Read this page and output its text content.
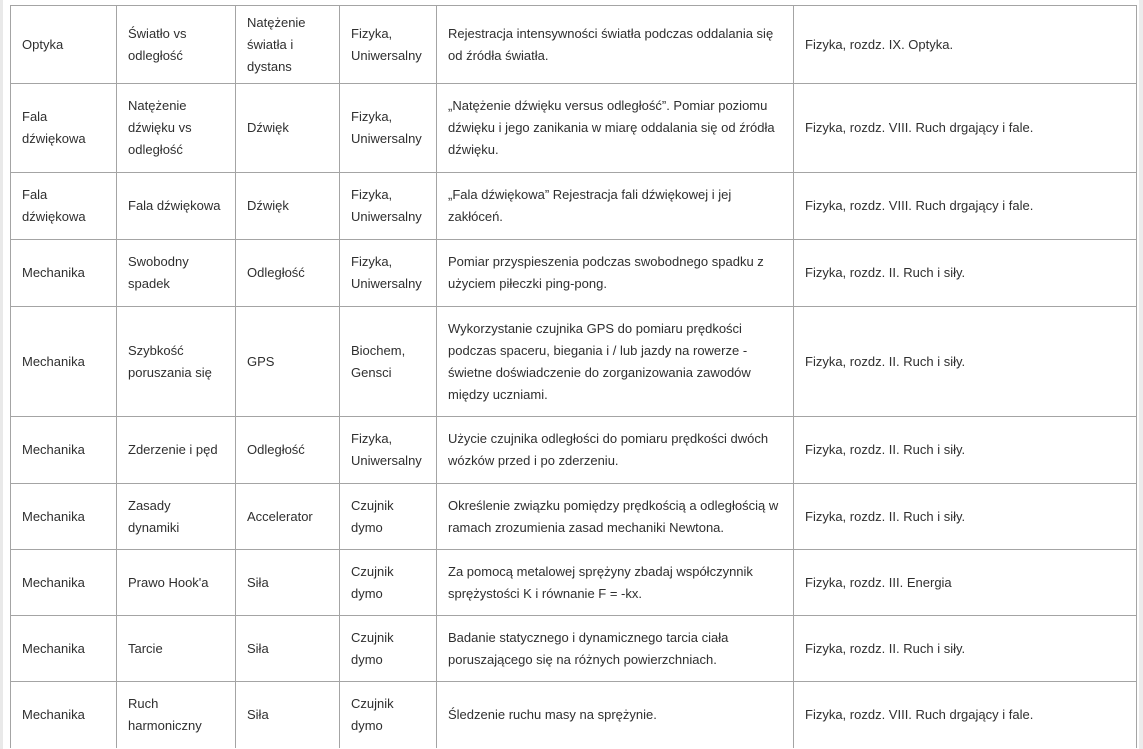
Optyka	Światło vs odległość	Natężenie światła i dystans	Fizyka, Uniwersalny	Rejestracja intensywności światła podczas oddalania się od źródła światła.	Fizyka, rozdz. IX. Optyka.
Fala dźwiękowa	Natężenie dźwięku vs odległość	Dźwięk	Fizyka, Uniwersalny	„Natężenie dźwięku versus odległość”. Pomiar poziomu dźwięku i jego zanikania w miarę oddalania się od źródła dźwięku.	Fizyka, rozdz. VIII. Ruch drgający i fale.
Fala dźwiękowa	Fala dźwiękowa	Dźwięk	Fizyka, Uniwersalny	„Fala dźwiękowa” Rejestracja fali dźwiękowej i jej zakłóceń.	Fizyka, rozdz. VIII. Ruch drgający i fale.
Mechanika	Swobodny spadek	Odległość	Fizyka, Uniwersalny	Pomiar przyspieszenia podczas swobodnego spadku z użyciem piłeczki ping-pong.	Fizyka, rozdz. II. Ruch i siły.
Mechanika	Szybkość poruszania się	GPS	Biochem, Gensci	Wykorzystanie czujnika GPS do pomiaru prędkości podczas spaceru, biegania i / lub jazdy na rowerze - świetne doświadczenie do zorganizowania zawodów między uczniami.	Fizyka, rozdz. II. Ruch i siły.
Mechanika	Zderzenie i pęd	Odległość	Fizyka, Uniwersalny	Użycie czujnika odległości do pomiaru prędkości dwóch wózków przed i po zderzeniu.	Fizyka, rozdz. II. Ruch i siły.
Mechanika	Zasady dynamiki	Accelerator	Czujnik dymo	Określenie związku pomiędzy prędkością a odległością w ramach zrozumienia zasad mechaniki Newtona.	Fizyka, rozdz. II. Ruch i siły.
Mechanika	Prawo Hook'a	Siła	Czujnik dymo	Za pomocą metalowej sprężyny zbadaj współczynnik sprężystości K i równanie F = -kx.	Fizyka, rozdz. III. Energia
Mechanika	Tarcie	Siła	Czujnik dymo	Badanie statycznego i dynamicznego tarcia ciała poruszającego się na różnych powierzchniach.	Fizyka, rozdz. II. Ruch i siły.
Mechanika	Ruch harmoniczny	Siła	Czujnik dymo	Śledzenie ruchu masy na sprężynie.	Fizyka, rozdz. VIII. Ruch drgający i fale.
